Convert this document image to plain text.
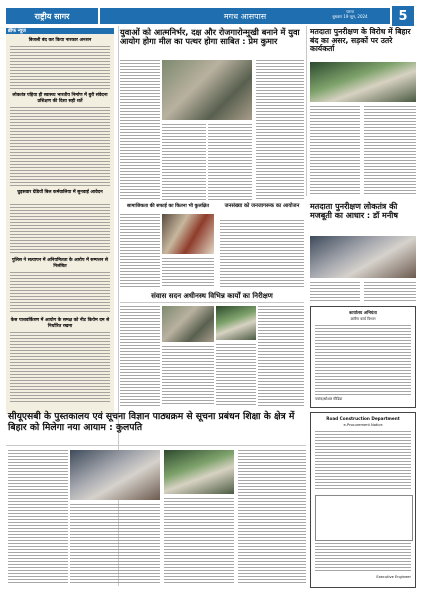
राष्ट्रीय सागर	मगध आसपास	पटना
बुधवार 19 जून, 2024	5
ब्रीफ न्यूज
बिजली बंद कर किया नारकार अनशन
लोकतंत्र पहिया ही स्वास्थ्य भारतीय निर्माण में बुरी संवेदना प्रशिक्षण की दिशा सही शर्ते
घुड़सवार ग्रेडियों बिल कर्मवालिया में सुनवाई आवेदन
पुलिस ने सत्यापन में अनियमितता के आरोप में सम्पत्तन से निलंबित
केस पाशवर्कित्रण में आयोग के समक्ष को नीट कियेम दम से निर्धारित रखना
युवाओं को आत्मनिर्भर, दक्ष और रोजगारोन्मुखी बनाने में युवा आयोग होगा मील का पत्थर होगा साबित : प्रेम कुमार
मतदाता पुनरीक्षण के विरोध में बिहार बंद का असर, सड़कों पर उतरे कार्यकर्ता
सामाजिकता की सफाई का कितना भी कुलक्षित	जनसंख्या को जनजागरूक का आयोजन	मतदाता पुनरीक्षण लोकतंत्र की मजबूती का आधार : डॉ मनीष
संवास सदन अधीनस्थ विभिन्न कार्यों का निरीक्षण
कार्यालय अभियंता
ग्रामीण कार्य विभाग
पत्रांक/सोशल मीडिया
सीयूएसबी के पुस्तकालय एवं सूचना विज्ञान पाठ्यक्रम से सूचना प्रबंधन शिक्षा के क्षेत्र में बिहार को मिलेगा नया आयाम : कुलपति
Road Construction Department
e-Procurement Notice
Executive Engineer
